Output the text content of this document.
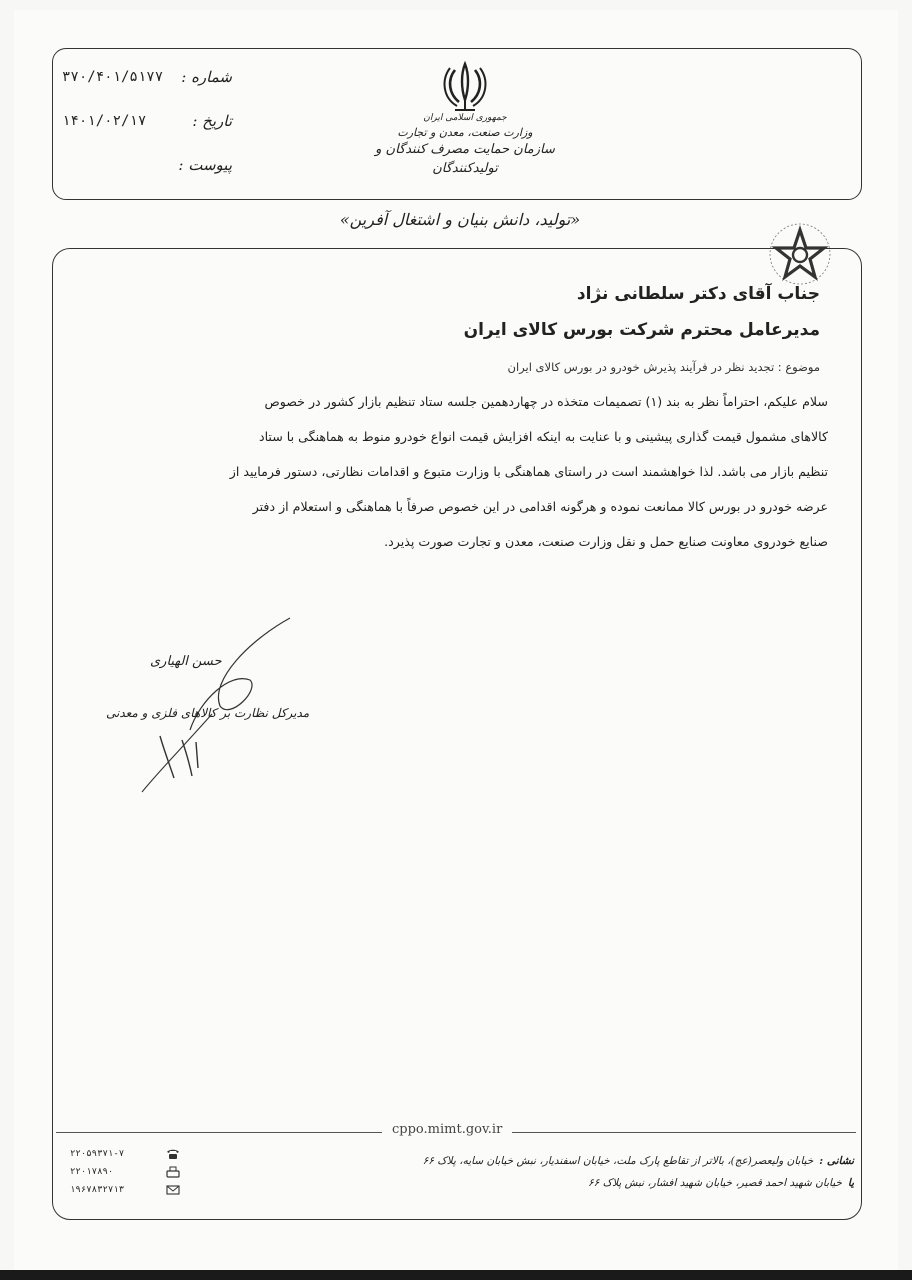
۳۷۰/۴۰۱/۵۱۷۷ شماره :
۱۴۰۱/۰۲/۱۷	تاریخ :
پیوست :
جمهوری اسلامی ایران
وزارت صنعت، معدن و تجارت
سازمان حمایت مصرف کنندگان و تولیدکنندگان
«تولید، دانش بنیان و اشتغال آفرین»
جناب آقای دکتر سلطانی نژاد
مدیرعامل محترم شرکت بورس کالای ایران
موضوع : تجدید نظر در فرآیند پذیرش خودرو در بورس کالای ایران
سلام علیکم، احتراماً نظر به بند (۱) تصمیمات متخذه در چهاردهمین جلسه ستاد تنظیم بازار کشور در خصوص
کالاهای مشمول قیمت گذاری پیشینی و با عنایت به اینکه افزایش قیمت انواع خودرو منوط به هماهنگی با ستاد
تنظیم بازار می باشد. لذا خواهشمند است در راستای هماهنگی با وزارت متبوع و اقدامات نظارتی، دستور فرمایید از
عرضه خودرو در بورس کالا ممانعت نموده و هرگونه اقدامی در این خصوص صرفاً با هماهنگی و استعلام از دفتر
صنایع خودروی معاونت صنایع حمل و نقل وزارت صنعت، معدن و تجارت صورت پذیرد.
حسن الهیاری
مدیرکل نظارت بر کالاهای فلزی و معدنی
cppo.mimt.gov.ir
۲۲۰۵۹۳۷۱-۷
۲۲۰۱۷۸۹۰
۱۹۶۷۸۳۲۷۱۳
نشانی :خیابان ولیعصر(عج)، بالاتر از تقاطع پارک ملت، خیابان اسفندیار، نبش خیابان سایه، پلاک ۶۶
یاخیابان شهید احمد قصیر، خیابان شهید افشار، نبش پلاک ۶۶
